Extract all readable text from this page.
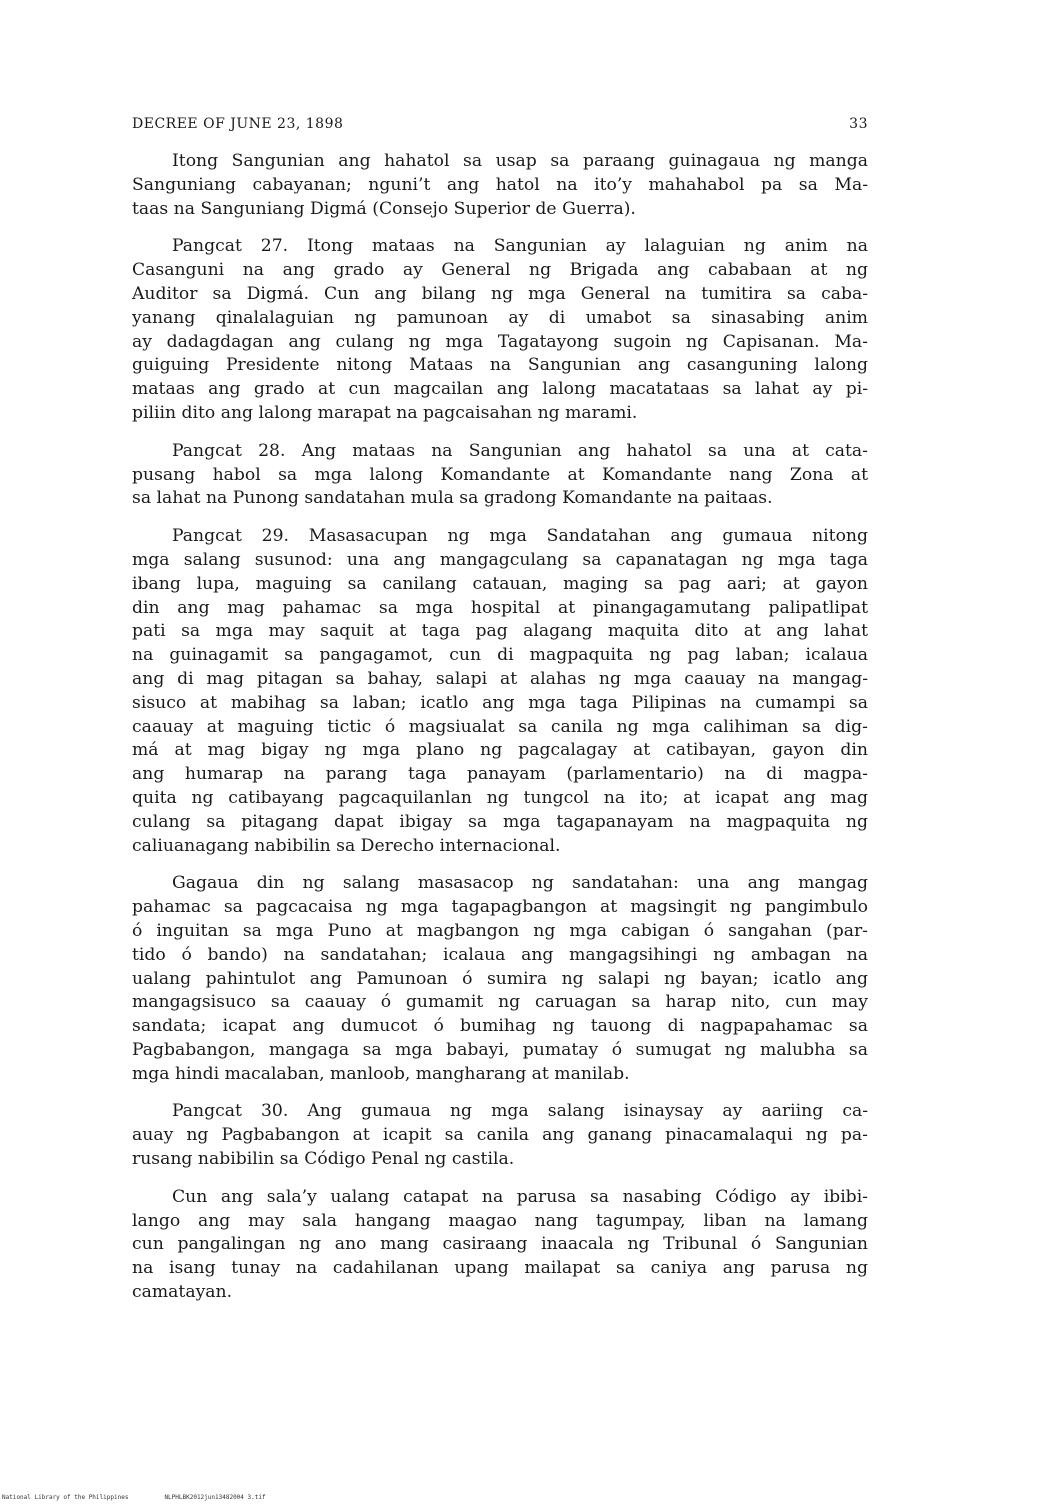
DECREE OF JUNE 23, 1898	33
Itong Sangunian ang hahatol sa usap sa paraang guinagaua ng manga
Sanguniang cabayanan; nguni’t ang hatol na ito’y mahahabol pa sa Ma-
taas na Sanguniang Digmá (Consejo Superior de Guerra).
Pangcat 27. Itong mataas na Sangunian ay lalaguian ng anim na
Casanguni na ang grado ay General ng Brigada ang cababaan at ng
Auditor sa Digmá. Cun ang bilang ng mga General na tumitira sa caba-
yanang qinalalaguian ng pamunoan ay di umabot sa sinasabing anim
ay dadagdagan ang culang ng mga Tagatayong sugoin ng Capisanan. Ma-
guiguing Presidente nitong Mataas na Sangunian ang casanguning lalong
mataas ang grado at cun magcailan ang lalong macatataas sa lahat ay pi-
piliin dito ang lalong marapat na pagcaisahan ng marami.
Pangcat 28. Ang mataas na Sangunian ang hahatol sa una at cata-
pusang habol sa mga lalong Komandante at Komandante nang Zona at
sa lahat na Punong sandatahan mula sa gradong Komandante na paitaas.
Pangcat 29. Masasacupan ng mga Sandatahan ang gumaua nitong
mga salang susunod: una ang mangagculang sa capanatagan ng mga taga
ibang lupa, maguing sa canilang catauan, maging sa pag aari; at gayon
din ang mag pahamac sa mga hospital at pinangagamutang palipatlipat
pati sa mga may saquit at taga pag alagang maquita dito at ang lahat
na guinagamit sa pangagamot, cun di magpaquita ng pag laban; icalaua
ang di mag pitagan sa bahay, salapi at alahas ng mga caauay na mangag-
sisuco at mabihag sa laban; icatlo ang mga taga Pilipinas na cumampi sa
caauay at maguing tictic ó magsiualat sa canila ng mga calihiman sa dig-
má at mag bigay ng mga plano ng pagcalagay at catibayan, gayon din
ang humarap na parang taga panayam (parlamentario) na di magpa-
quita ng catibayang pagcaquilanlan ng tungcol na ito; at icapat ang mag
culang sa pitagang dapat ibigay sa mga tagapanayam na magpaquita ng
caliuanagang nabibilin sa Derecho internacional.
Gagaua din ng salang masasacop ng sandatahan: una ang mangag
pahamac sa pagcacaisa ng mga tagapagbangon at magsingit ng pangimbulo
ó inguitan sa mga Puno at magbangon ng mga cabigan ó sangahan (par-
tido ó bando) na sandatahan; icalaua ang mangagsihingi ng ambagan na
ualang pahintulot ang Pamunoan ó sumira ng salapi ng bayan; icatlo ang
mangagsisuco sa caauay ó gumamit ng caruagan sa harap nito, cun may
sandata; icapat ang dumucot ó bumihag ng tauong di nagpapahamac sa
Pagbabangon, mangaga sa mga babayi, pumatay ó sumugat ng malubha sa
mga hindi macalaban, manloob, mangharang at manilab.
Pangcat 30. Ang gumaua ng mga salang isinaysay ay aariing ca-
auay ng Pagbabangon at icapit sa canila ang ganang pinacamalaqui ng pa-
rusang nabibilin sa Código Penal ng castila.
Cun ang sala’y ualang catapat na parusa sa nasabing Código ay ibibi-
lango ang may sala hangang maagao nang tagumpay, liban na lamang
cun pangalingan ng ano mang casiraang inaacala ng Tribunal ó Sangunian
na isang tunay na cadahilanan upang mailapat sa caniya ang parusa ng
camatayan.
National Library of the Philippines	NLPHLBK2012jun13482004 3.tif
